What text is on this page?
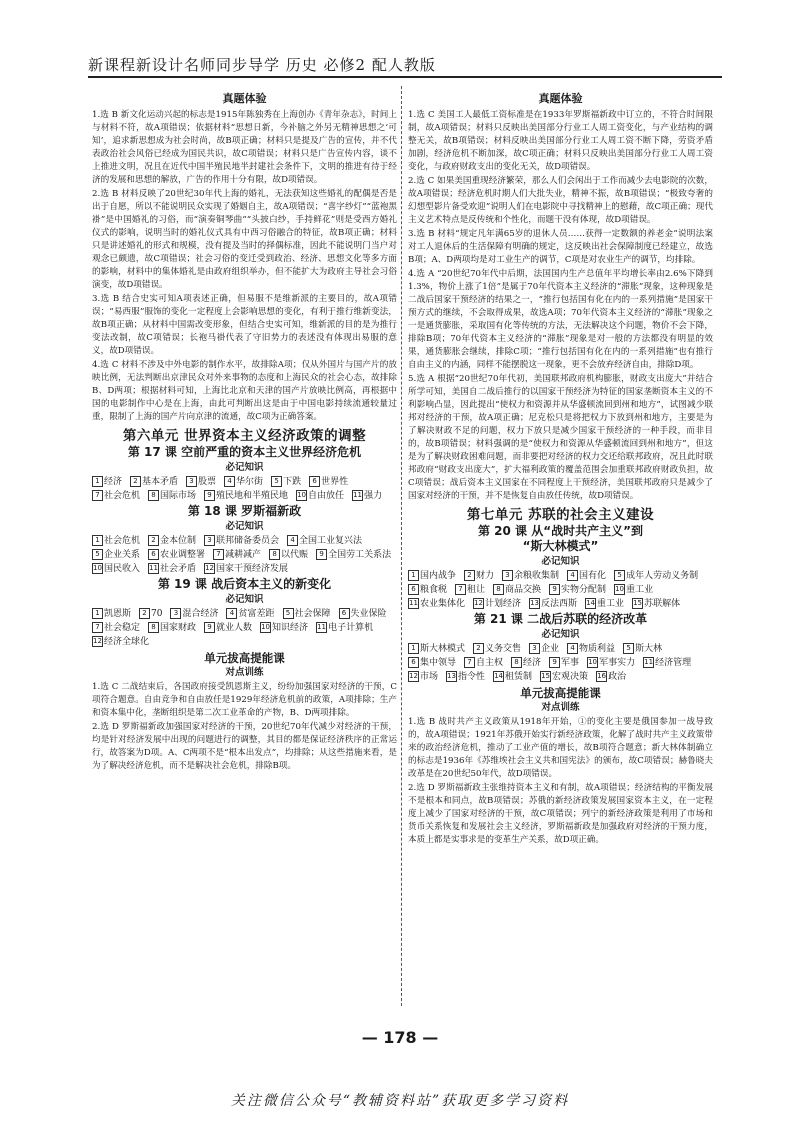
新课程新设计名师同步导学 历史 必修2 配人教版
真题体验

1.选 B 新文化运动兴起的标志是1915年陈独秀在上海创办《青年杂志》，时间上与材料不符，故A项错误；依据材料“思想日新，今补脑之外另无精神思想之‘可知’，追求新思想成为社会时尚，故B项正确；材料只是提及广告的宣传，并不代表政治社会风俗已经成为国民共识，故C项错误；材料只是广告宣传内容，谈不上推进文明，况且在近代中国半殖民地半封建社会条件下，文明的推进有待于经济的发展和思想的解放，广告的作用十分有限，故D项错误。

2.选 B 材料反映了20世纪30年代上海的婚礼，无法获知这些婚礼的配偶是否是出于自愿，所以不能说明民众实现了婚姻自主，故A项错误；“喜字纱灯”“蓝袍黑褂”是中国婚礼的习俗，而“演奏铜琴曲”“头披白纱，手持鲜花”则是受西方婚礼仪式的影响，说明当时的婚礼仪式具有中西习俗融合的特征，故B项正确；材料只是讲述婚礼的形式和规模，没有提及当时的择偶标准，因此不能说明门当户对观念已颇遗，故C项错误；社会习俗的变迁受到政治、经济、思想文化等多方面的影响，材料中的集体婚礼是由政府组织举办，但不能扩大为政府主导社会习俗演变，故D项错误。

3.选 B 结合史实可知A项表述正确，但易服不是维新派的主要目的，故A项错误；“易西服”服饰的变化一定程度上会影响思想的变化，有利于推行维新变法，故B项正确；从材料中国需改变形象，但结合史实可知，维新派的目的是为推行变法改制，故C项错误；长袍马褂代表了守旧势力的表述没有体现出易服的意义，故D项错误。

4.选 C 材料不涉及中外电影的制作水平，故排除A项；仅从外国片与国产片的放映比例，无法判断出京津民众对外来事物的态度和上海民众的社会心态，故排除B、D两项；根据材料可知，上海比北京和天津的国产片放映比例高，再根据中国的电影制作中心是在上海，由此可判断出这是由于中国电影持续流通较量过重，限制了上海的国产片向京津的流通，故C项为正确答案。

第六单元 世界资本主义经济政策的调整
第 17 课 空前严重的资本主义世界经济危机
必记知识
1 经济	2 基本矛盾	3 股票	4 华尔街	5 下跌	6 世界性
7 社会危机	8 国际市场	9 殖民地和半殖民地 10 自由放任 11 强力
第 18 课 罗斯福新政
必记知识
1 社会危机	2 金本位制	3 联邦储备委员会	4 全国工业复兴法
5 企业关系	6 农业调整署	7 减耕减产	8 以代赈	9 全国劳工关系法
10 国民收入 11 社会矛盾 12 国家干预经济发展
第 19 课 战后资本主义的新变化
必记知识
1 凯恩斯	2 70	3 混合经济	4 贫富差距	5 社会保障	6 失业保险
7 社会稳定	8 国家财政	9 就业人数 10 知识经济 11 电子计算机
12 经济全球化
单元拔高提能课
对点训练

1.选 C 二战结束后，各国政府接受凯恩斯主义，纷纷加强国家对经济的干预，C项符合题意。自由竞争和自由放任是1929年经济危机前的政策，A项排除；生产和资本集中化，垄断组织是第二次工业革命的产物，B、D两项排除。

2.选 D 罗斯福新政加强国家对经济的干预，20世纪70年代减少对经济的干预，均是针对经济发展中出现的问题进行的调整，其目的都是保证经济秩序的正常运行，故答案为D项。A、C两项不是“根本出发点”，均排除；从这些措施来看，是为了解决经济危机，而不是解决社会危机，排除B项。

真题体验

1.选 C 美国工人最低工资标准是在1933年罗斯福新政中订立的，不符合时间限制，故A项错误；材料只反映出美国部分行业工人周工资变化，与产业结构的调整无关，故B项错误；材料反映出美国部分行业工人周工资不断下降，劳资矛盾加剧，经济危机不断加深，故C项正确；材料只反映出美国部分行业工人周工资变化，与政府财政支出的变化无关，故D项错误。

2.选 C 如果美国重现经济繁荣，那么人们会闲出于工作而减少去电影院的次数，故A项错误；经济危机时期人们大批失业，精神不振，故B项错误；“极致夸奢的幻想型影片备受欢迎”说明人们在电影院中寻找精神上的慰藉，故C项正确；现代主义艺术特点是反传统和个性化，而题干没有体现，故D项错误。

3.选 B 材料“规定凡年满65岁的退休人员……获得一定数额的养老金”说明法案对工人退休后的生活保障有明确的规定，这反映出社会保障制度已经建立，故选B项；A、D两项均是对工业生产的调节，C项是对农业生产的调节，均排除。

4.选 A “20世纪70年代中后期，法国国内生产总值年平均增长率由2.6%下降到1.3%，物价上涨了1倍”是属于70年代资本主义经济的“滞胀”现象，这种现象是二战后国家干预经济的结果之一，“推行包括国有化在内的一系列措施”是国家干预方式的继续，不会取得成果，故选A项；70年代资本主义经济的“滞胀”现象之一是通货膨胀，采取国有化等传统的方法，无法解决这个问题，物价不会下降，排除B项；70年代资本主义经济的“滞胀”现象是对一般的方法都没有明显的效果，通货膨胀会继续，排除C项；“推行包括国有化在内的一系列措施”也有推行自由主义的内涵，同样不能摆脱这一现象，更不会放弃经济自由，排除D项。

5.选 A 根据“20世纪70年代初，美国联邦政府机构膨胀，财政支出庞大”并结合所学可知，美国自二战后推行的以国家干预经济为特征的国家垄断资本主义的不利影响凸显，因此提出“使权力和资源并从华盛顿流回到州和地方”，试图减少联邦对经济的干预，故A项正确；尼克松只是将把权力下放到州和地方，主要是为了解决财政不足的问题，权力下放只是减少国家干预经济的一种手段，而非目的，故B项错误；材料强调的是“使权力和资源从华盛顿流回到州和地方”，但这是为了解决财政困难问题，而非要把对经济的权力交还给联邦政府，况且此时联邦政府“财政支出庞大”，扩大福利政策的覆盖范围会加重联邦政府财政负担，故C项错误；战后资本主义国家在不同程度上干预经济，美国联邦政府只是减少了国家对经济的干预，并不是恢复自由放任传统，故D项错误。

第七单元 苏联的社会主义建设
第 20 课 从“战时共产主义”到
“斯大林模式”
必记知识
1 国内战争	2 财力	3 余粮收集制	4 国有化	5 成年人劳动义务制
6 粮食税	7 租让	8 商品交换	9 实物分配制 10 重工业
11 农业集体化 12 计划经济 13 反法西斯 14 重工业 15 苏联解体
第 21 课 二战后苏联的经济改革
必记知识
1 斯大林模式	2 义务交售	3 企业	4 物质利益	5 斯大林
6 集中领导	7 自主权	8 经济	9 军事 10 军事实力 11 经济管理
12 市场 13 指令性 14 租赁制 15 宏观决策 16 政治
单元拔高提能课
对点训练

1.选 B 战时共产主义政策从1918年开始，①的变化主要是俄国参加一战导致的，故A项错误；1921年苏俄开始实行新经济政策，化解了战时共产主义政策带来的政治经济危机，推动了工业产值的增长，故B项符合题意；新大林体制确立的标志是1936年《苏维埃社会主义共和国宪法》的颁布，故C项错误；赫鲁晓夫改革是在20世纪50年代，故D项错误。

2.选 D 罗斯福新政主张维持资本主义和有制，故A项错误；经济结构的平衡发展不是根本和同点，故B项错误；苏俄的新经济政策发展国家资本主义，在一定程度上减少了国家对经济的干预，故C项错误；列宁的新经济政策是利用了市场和货币关系恢复和发展社会主义经济，罗斯福新政是加强政府对经济的干预力度，本质上都是实事求是的变革生产关系，故D项正确。

— 178 —
关注微信公众号“教辅资料站”获取更多学习资料
